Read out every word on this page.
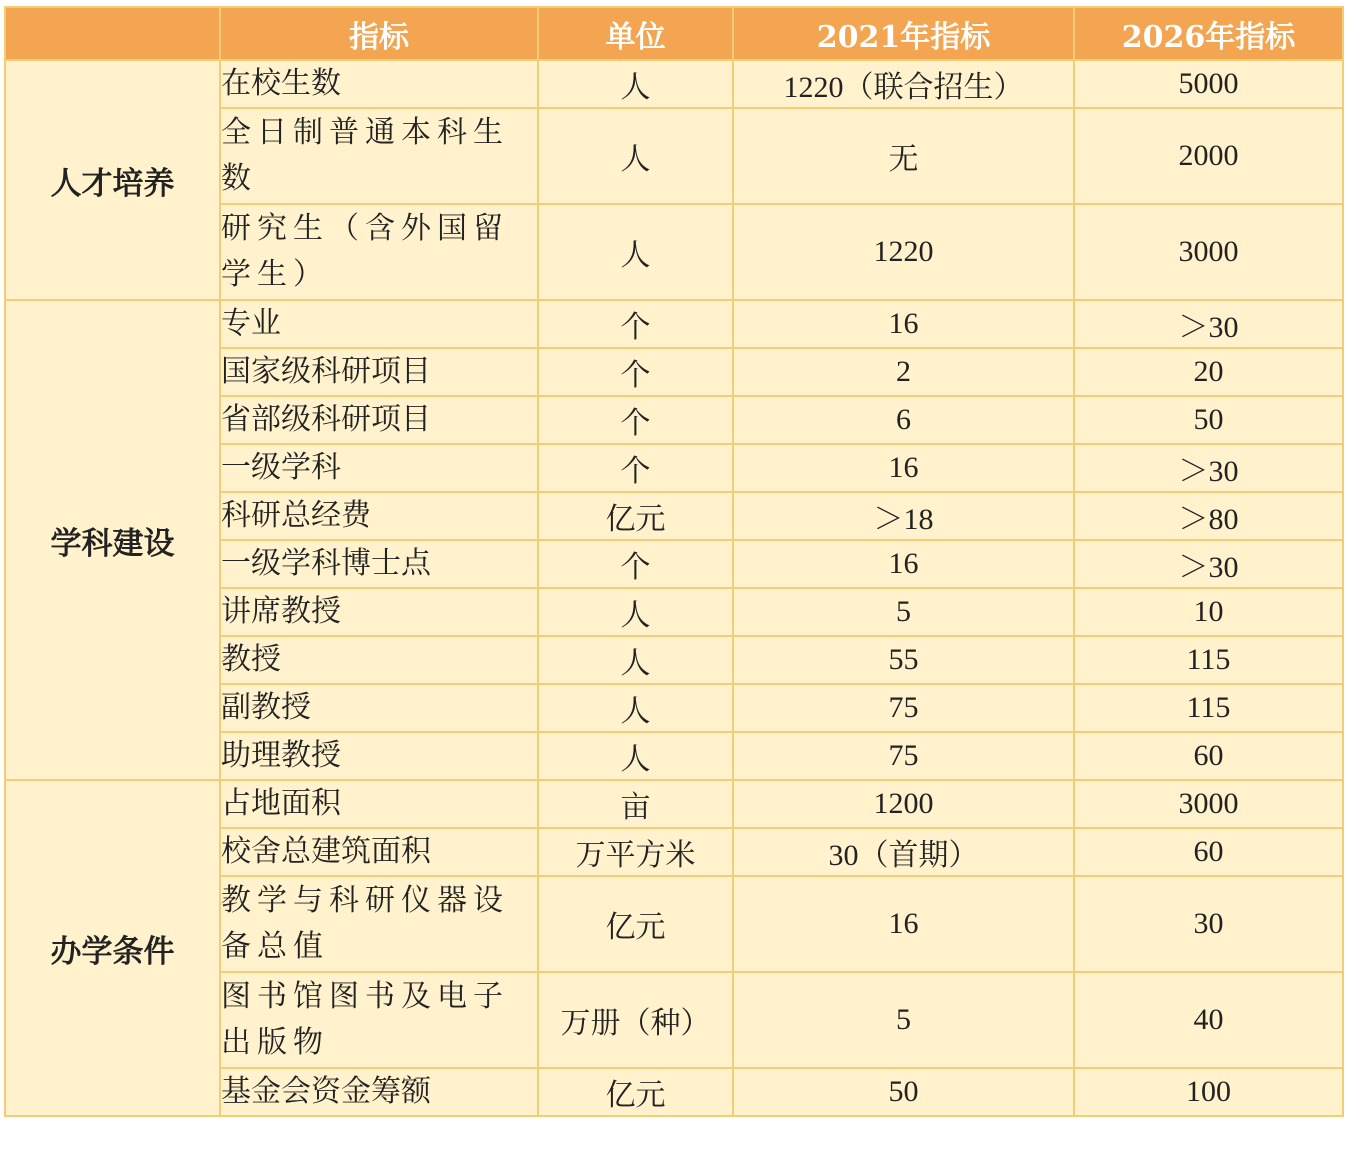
	指标	单位	2021年指标	2026年指标
人才培养	在校生数	人	1220（联合招生）	5000
	全日制普通本科生数	人	无	2000
	研究生（含外国留学生）	人	1220	3000
学科建设	专业	个	16	＞30
	国家级科研项目	个	2	20
	省部级科研项目	个	6	50
	一级学科	个	16	＞30
	科研总经费	亿元	＞18	＞80
	一级学科博士点	个	16	＞30
	讲席教授	人	5	10
	教授	人	55	115
	副教授	人	75	115
	助理教授	人	75	60
办学条件	占地面积	亩	1200	3000
	校舍总建筑面积	万平方米	30（首期）	60
	教学与科研仪器设备总值	亿元	16	30
	图书馆图书及电子出版物	万册（种）	5	40
	基金会资金筹额	亿元	50	100
